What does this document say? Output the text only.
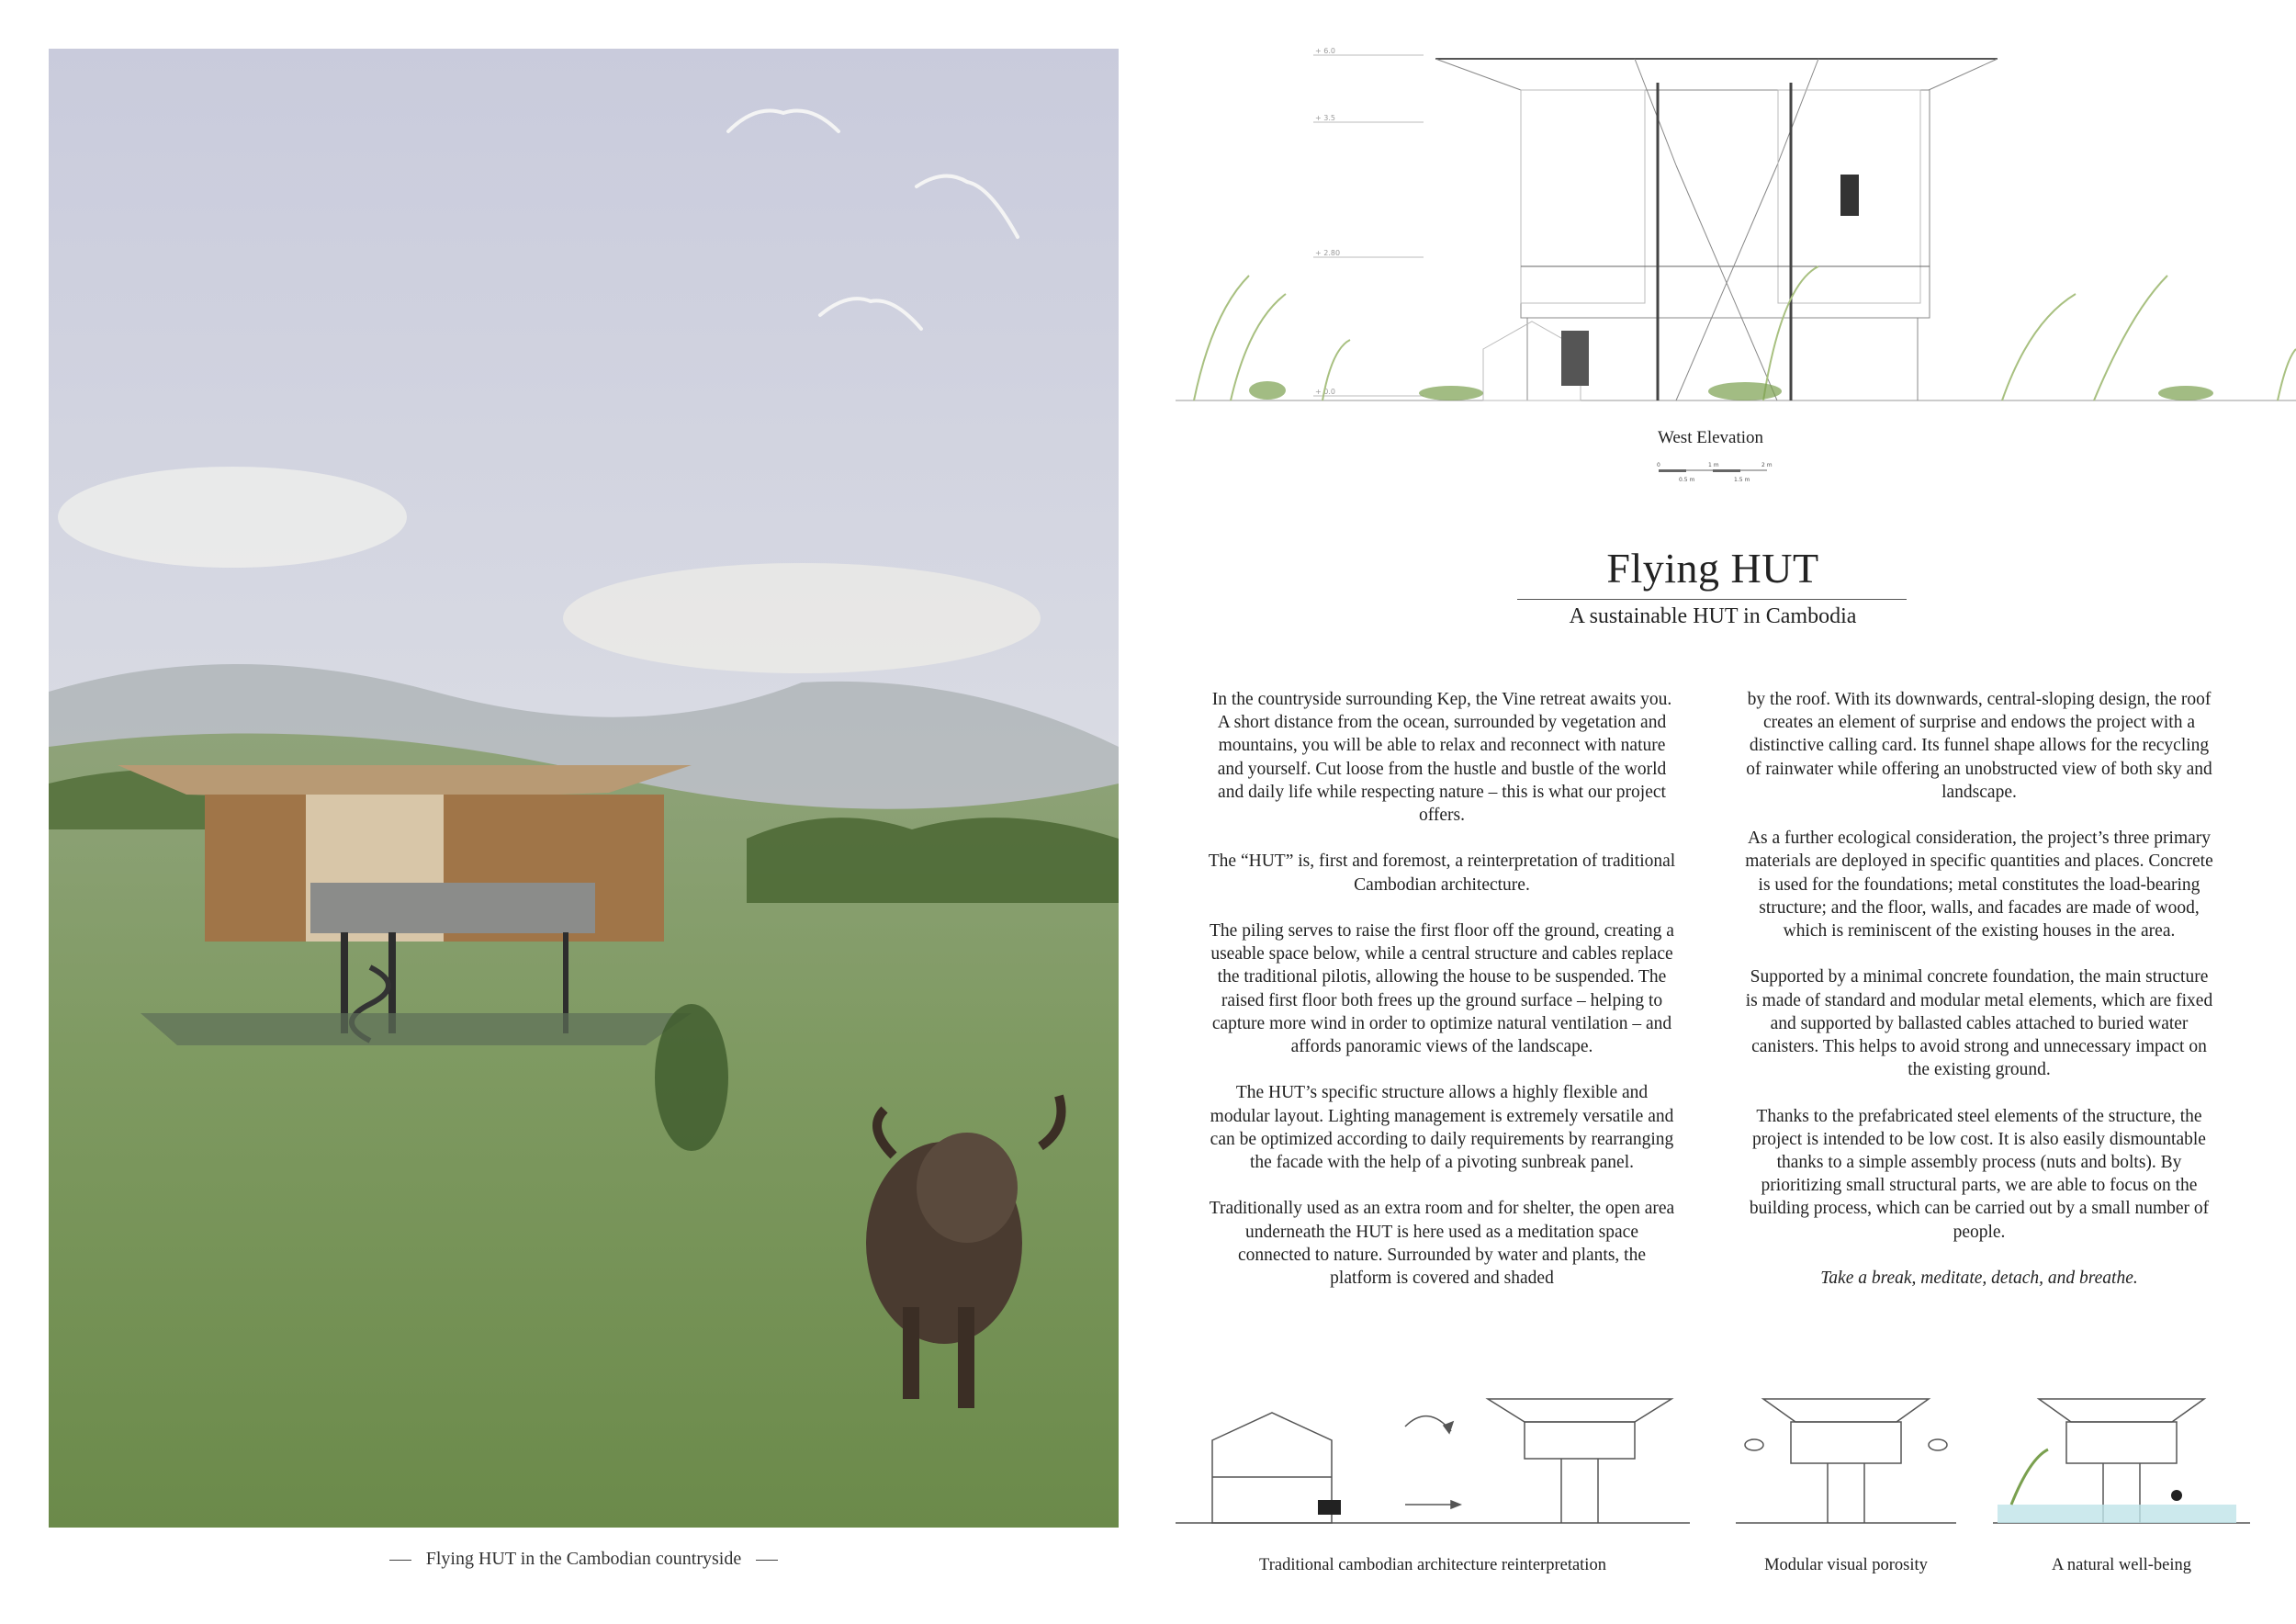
Flying HUT in the Cambodian countryside
+ 6.0
+ 3.5
+ 2.80
+ 0.0
West Elevation
0	1 m	2 m
0.5 m	1.5 m
Flying HUT
A sustainable HUT in Cambodia

In the countryside surrounding Kep, the Vine retreat awaits you. A short distance from the ocean, surrounded by vegetation and mountains, you will be able to relax and reconnect with nature and yourself. Cut loose from the hustle and bustle of the world and daily life while respecting nature – this is what our project offers.

The “HUT” is, first and foremost, a reinterpretation of traditional Cambodian architecture.

The piling serves to raise the first floor off the ground, creating a useable space below, while a central structure and cables replace the traditional pilotis, allowing the house to be suspended. The raised first floor both frees up the ground surface – helping to capture more wind in order to optimize natural ventilation – and affords panoramic views of the landscape.

The HUT’s specific structure allows a highly flexible and modular layout. Lighting management is extremely versatile and can be optimized according to daily requirements by rearranging the facade with the help of a pivoting sunbreak panel.

Traditionally used as an extra room and for shelter, the open area underneath the HUT is here used as a meditation space connected to nature. Surrounded by water and plants, the platform is covered and shaded

by the roof. With its downwards, central-sloping design, the roof creates an element of surprise and endows the project with a distinctive calling card. Its funnel shape allows for the recycling of rainwater while offering an unobstructed view of both sky and landscape.

As a further ecological consideration, the project’s three primary materials are deployed in specific quantities and places. Concrete is used for the foundations; metal constitutes the load-bearing structure; and the floor, walls, and facades are made of wood, which is reminiscent of the existing houses in the area.

Supported by a minimal concrete foundation, the main structure is made of standard and modular metal elements, which are fixed and supported by ballasted cables attached to buried water canisters. This helps to avoid strong and unnecessary impact on the existing ground.

Thanks to the prefabricated steel elements of the structure, the project is intended to be low cost. It is also easily dismountable thanks to a simple assembly process (nuts and bolts). By prioritizing small structural parts, we are able to focus on the building process, which can be carried out by a small number of people.

Take a break, meditate, detach, and breathe.

Traditional cambodian architecture reinterpretation	Modular visual porosity	A natural well-being
